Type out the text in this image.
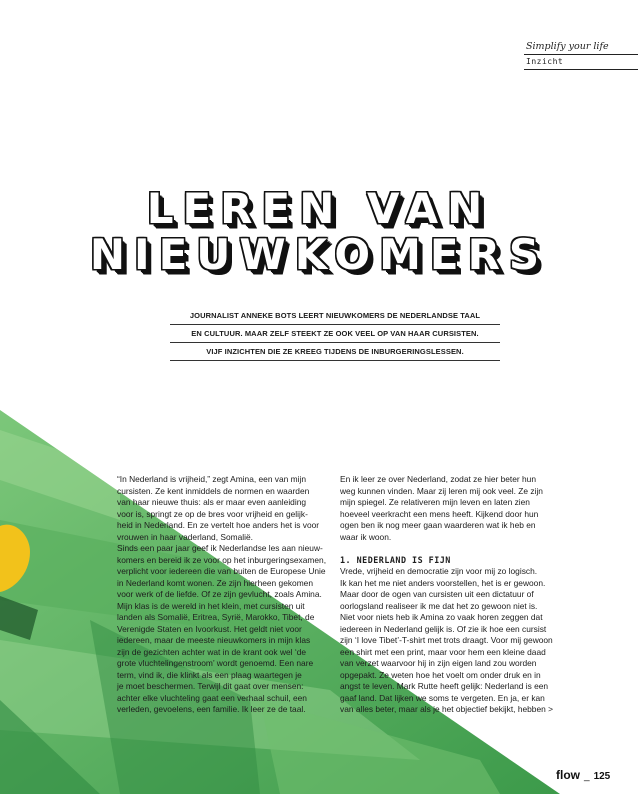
Simplify your life
Inzicht
LEREN VAN
NIEUWKOMERS
JOURNALIST ANNEKE BOTS LEERT NIEUWKOMERS DE NEDERLANDSE TAAL
EN CULTUUR. MAAR ZELF STEEKT ZE OOK VEEL OP VAN HAAR CURSISTEN.
VIJF INZICHTEN DIE ZE KREEG TIJDENS DE INBURGERINGSLESSEN.

“In Nederland is vrijheid,” zegt Amina, een van mijn

cursisten. Ze kent inmiddels de normen en waarden

van haar nieuwe thuis: als er maar even aanleiding

voor is, springt ze op de bres voor vrijheid en gelijk-

heid in Nederland. En ze vertelt hoe anders het is voor

vrouwen in haar vaderland, Somalië.

Sinds een paar jaar geef ik Nederlandse les aan nieuw-

komers en bereid ik ze voor op het inburgeringsexamen,

verplicht voor iedereen die van buiten de Europese Unie

in Nederland komt wonen. Ze zijn hierheen gekomen

voor werk of de liefde. Of ze zijn gevlucht, zoals Amina.

Mijn klas is de wereld in het klein, met cursisten uit

landen als Somalië, Eritrea, Syrië, Marokko, Tibet, de

Verenigde Staten en Ivoorkust. Het geldt niet voor

iedereen, maar de meeste nieuwkomers in mijn klas

zijn de gezichten achter wat in de krant ook wel ‘de

grote vluchtelingenstroom’ wordt genoemd. Een nare

term, vind ik, die klinkt als een plaag waartegen je

je moet beschermen. Terwijl dit gaat over mensen:

achter elke vluchteling gaat een verhaal schuil, een

verleden, gevoelens, een familie. Ik leer ze de taal.

En ik leer ze over Nederland, zodat ze hier beter hun

weg kunnen vinden. Maar zij leren mij ook veel. Ze zijn

mijn spiegel. Ze relativeren mijn leven en laten zien

hoeveel veerkracht een mens heeft. Kijkend door hun

ogen ben ik nog meer gaan waarderen wat ik heb en

waar ik woon.

1. NEDERLAND IS FIJN

Vrede, vrijheid en democratie zijn voor mij zo logisch.

Ik kan het me niet anders voorstellen, het is er gewoon.

Maar door de ogen van cursisten uit een dictatuur of

oorlogsland realiseer ik me dat het zo gewoon niet is.

Niet voor niets heb ik Amina zo vaak horen zeggen dat

iedereen in Nederland gelijk is. Of zie ik hoe een cursist

zijn ‘I love Tibet’-T-shirt met trots draagt. Voor mij gewoon

een shirt met een print, maar voor hem een kleine daad

van verzet waarvoor hij in zijn eigen land zou worden

opgepakt. Ze weten hoe het voelt om onder druk en in

angst te leven. Mark Rutte heeft gelijk: Nederland is een

gaaf land. Dat lijken we soms te vergeten. En ja, er kan

van alles beter, maar als je het objectief bekijkt, hebben >

flow _ 125
